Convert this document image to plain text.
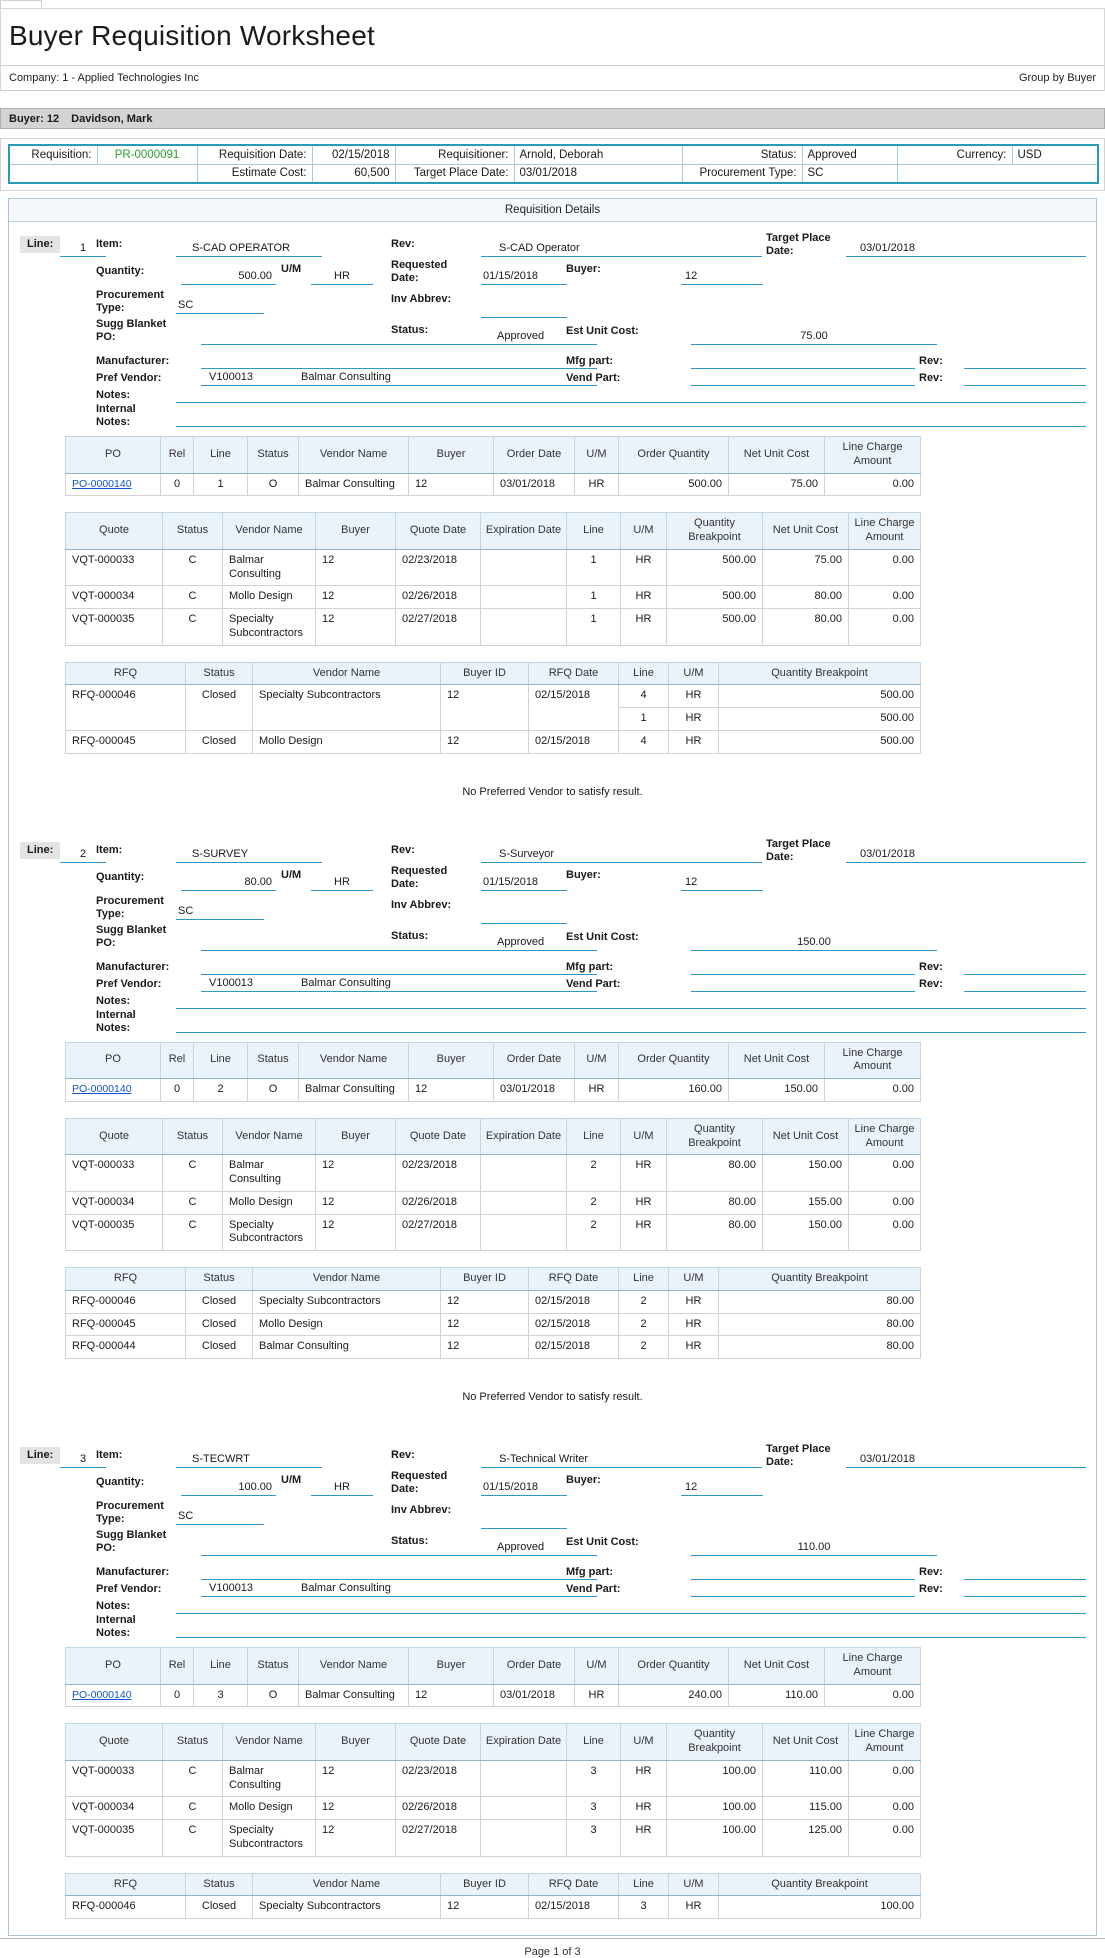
Buyer Requisition Worksheet
Company: 1 - Applied Technologies Inc	Group by Buyer
Buyer: 12 Davidson, Mark
Requisition:	PR-0000091	Requisition Date:	02/15/2018	Requisitioner:	Arnold, Deborah	Status:	Approved	Currency:	USD
		Estimate Cost:	60,500	Target Place Date:	03/01/2018	Procurement Type:	SC		
Requisition Details
Line:	1 Item:	S-CAD OPERATOR	Rev:	S-CAD Operator
Target Place Date:	03/01/2018
Quantity:	500.00
U/M
HR
Requested Date:	01/15/2018
Buyer:
12
Procurement Type:	SC	Inv Abbrev:
Sugg Blanket PO:
Status:	Approved	Est Unit Cost:	75.00
Manufacturer:	Mfg part:	Rev:
Pref Vendor:	V100013	Balmar Consulting	Vend Part:	Rev:
Notes:
Internal Notes:
PO	Rel	Line	Status	Vendor Name	Buyer	Order Date	U/M	Order Quantity	Net Unit Cost	Line Charge Amount
PO-0000140	0	1	O	Balmar Consulting	12	03/01/2018	HR	500.00	75.00	0.00
Quote	Status	Vendor Name	Buyer	Quote Date	Expiration Date	Line	U/M	Quantity Breakpoint	Net Unit Cost	Line Charge Amount
VQT-000033	C	Balmar Consulting	12	02/23/2018		1	HR	500.00	75.00	0.00
VQT-000034	C	Mollo Design	12	02/26/2018		1	HR	500.00	80.00	0.00
VQT-000035	C	Specialty Subcontractors	12	02/27/2018		1	HR	500.00	80.00	0.00
RFQ	Status	Vendor Name	Buyer ID	RFQ Date	Line	U/M	Quantity Breakpoint
RFQ-000046	Closed	Specialty Subcontractors	12	02/15/2018	4	HR	500.00
					1	HR	500.00
RFQ-000045	Closed	Mollo Design	12	02/15/2018	4	HR	500.00
No Preferred Vendor to satisfy result.
Line:	2 Item:	S-SURVEY	Rev:	S-Surveyor
Target Place Date:	03/01/2018
Quantity:	80.00
U/M
HR
Requested Date:	01/15/2018
Buyer:
12
Procurement Type:	SC	Inv Abbrev:
Sugg Blanket PO:
Status:	Approved	Est Unit Cost:	150.00
Manufacturer:	Mfg part:	Rev:
Pref Vendor:	V100013	Balmar Consulting	Vend Part:	Rev:
Notes:
Internal Notes:
PO	Rel	Line	Status	Vendor Name	Buyer	Order Date	U/M	Order Quantity	Net Unit Cost	Line Charge Amount
PO-0000140	0	2	O	Balmar Consulting	12	03/01/2018	HR	160.00	150.00	0.00
Quote	Status	Vendor Name	Buyer	Quote Date	Expiration Date	Line	U/M	Quantity Breakpoint	Net Unit Cost	Line Charge Amount
VQT-000033	C	Balmar Consulting	12	02/23/2018		2	HR	80.00	150.00	0.00
VQT-000034	C	Mollo Design	12	02/26/2018		2	HR	80.00	155.00	0.00
VQT-000035	C	Specialty Subcontractors	12	02/27/2018		2	HR	80.00	150.00	0.00
RFQ	Status	Vendor Name	Buyer ID	RFQ Date	Line	U/M	Quantity Breakpoint
RFQ-000046	Closed	Specialty Subcontractors	12	02/15/2018	2	HR	80.00
RFQ-000045	Closed	Mollo Design	12	02/15/2018	2	HR	80.00
RFQ-000044	Closed	Balmar Consulting	12	02/15/2018	2	HR	80.00
No Preferred Vendor to satisfy result.
Line:	3 Item:	S-TECWRT	Rev:	S-Technical Writer
Target Place Date:	03/01/2018
Quantity:	100.00
U/M
HR
Requested Date:	01/15/2018
Buyer:
12
Procurement Type:	SC	Inv Abbrev:
Sugg Blanket PO:
Status:	Approved	Est Unit Cost:	110.00
Manufacturer:	Mfg part:	Rev:
Pref Vendor:	V100013	Balmar Consulting	Vend Part:	Rev:
Notes:
Internal Notes:
PO	Rel	Line	Status	Vendor Name	Buyer	Order Date	U/M	Order Quantity	Net Unit Cost	Line Charge Amount
PO-0000140	0	3	O	Balmar Consulting	12	03/01/2018	HR	240.00	110.00	0.00
Quote	Status	Vendor Name	Buyer	Quote Date	Expiration Date	Line	U/M	Quantity Breakpoint	Net Unit Cost	Line Charge Amount
VQT-000033	C	Balmar Consulting	12	02/23/2018		3	HR	100.00	110.00	0.00
VQT-000034	C	Mollo Design	12	02/26/2018		3	HR	100.00	115.00	0.00
VQT-000035	C	Specialty Subcontractors	12	02/27/2018		3	HR	100.00	125.00	0.00
RFQ	Status	Vendor Name	Buyer ID	RFQ Date	Line	U/M	Quantity Breakpoint
RFQ-000046	Closed	Specialty Subcontractors	12	02/15/2018	3	HR	100.00
Page 1 of 3
